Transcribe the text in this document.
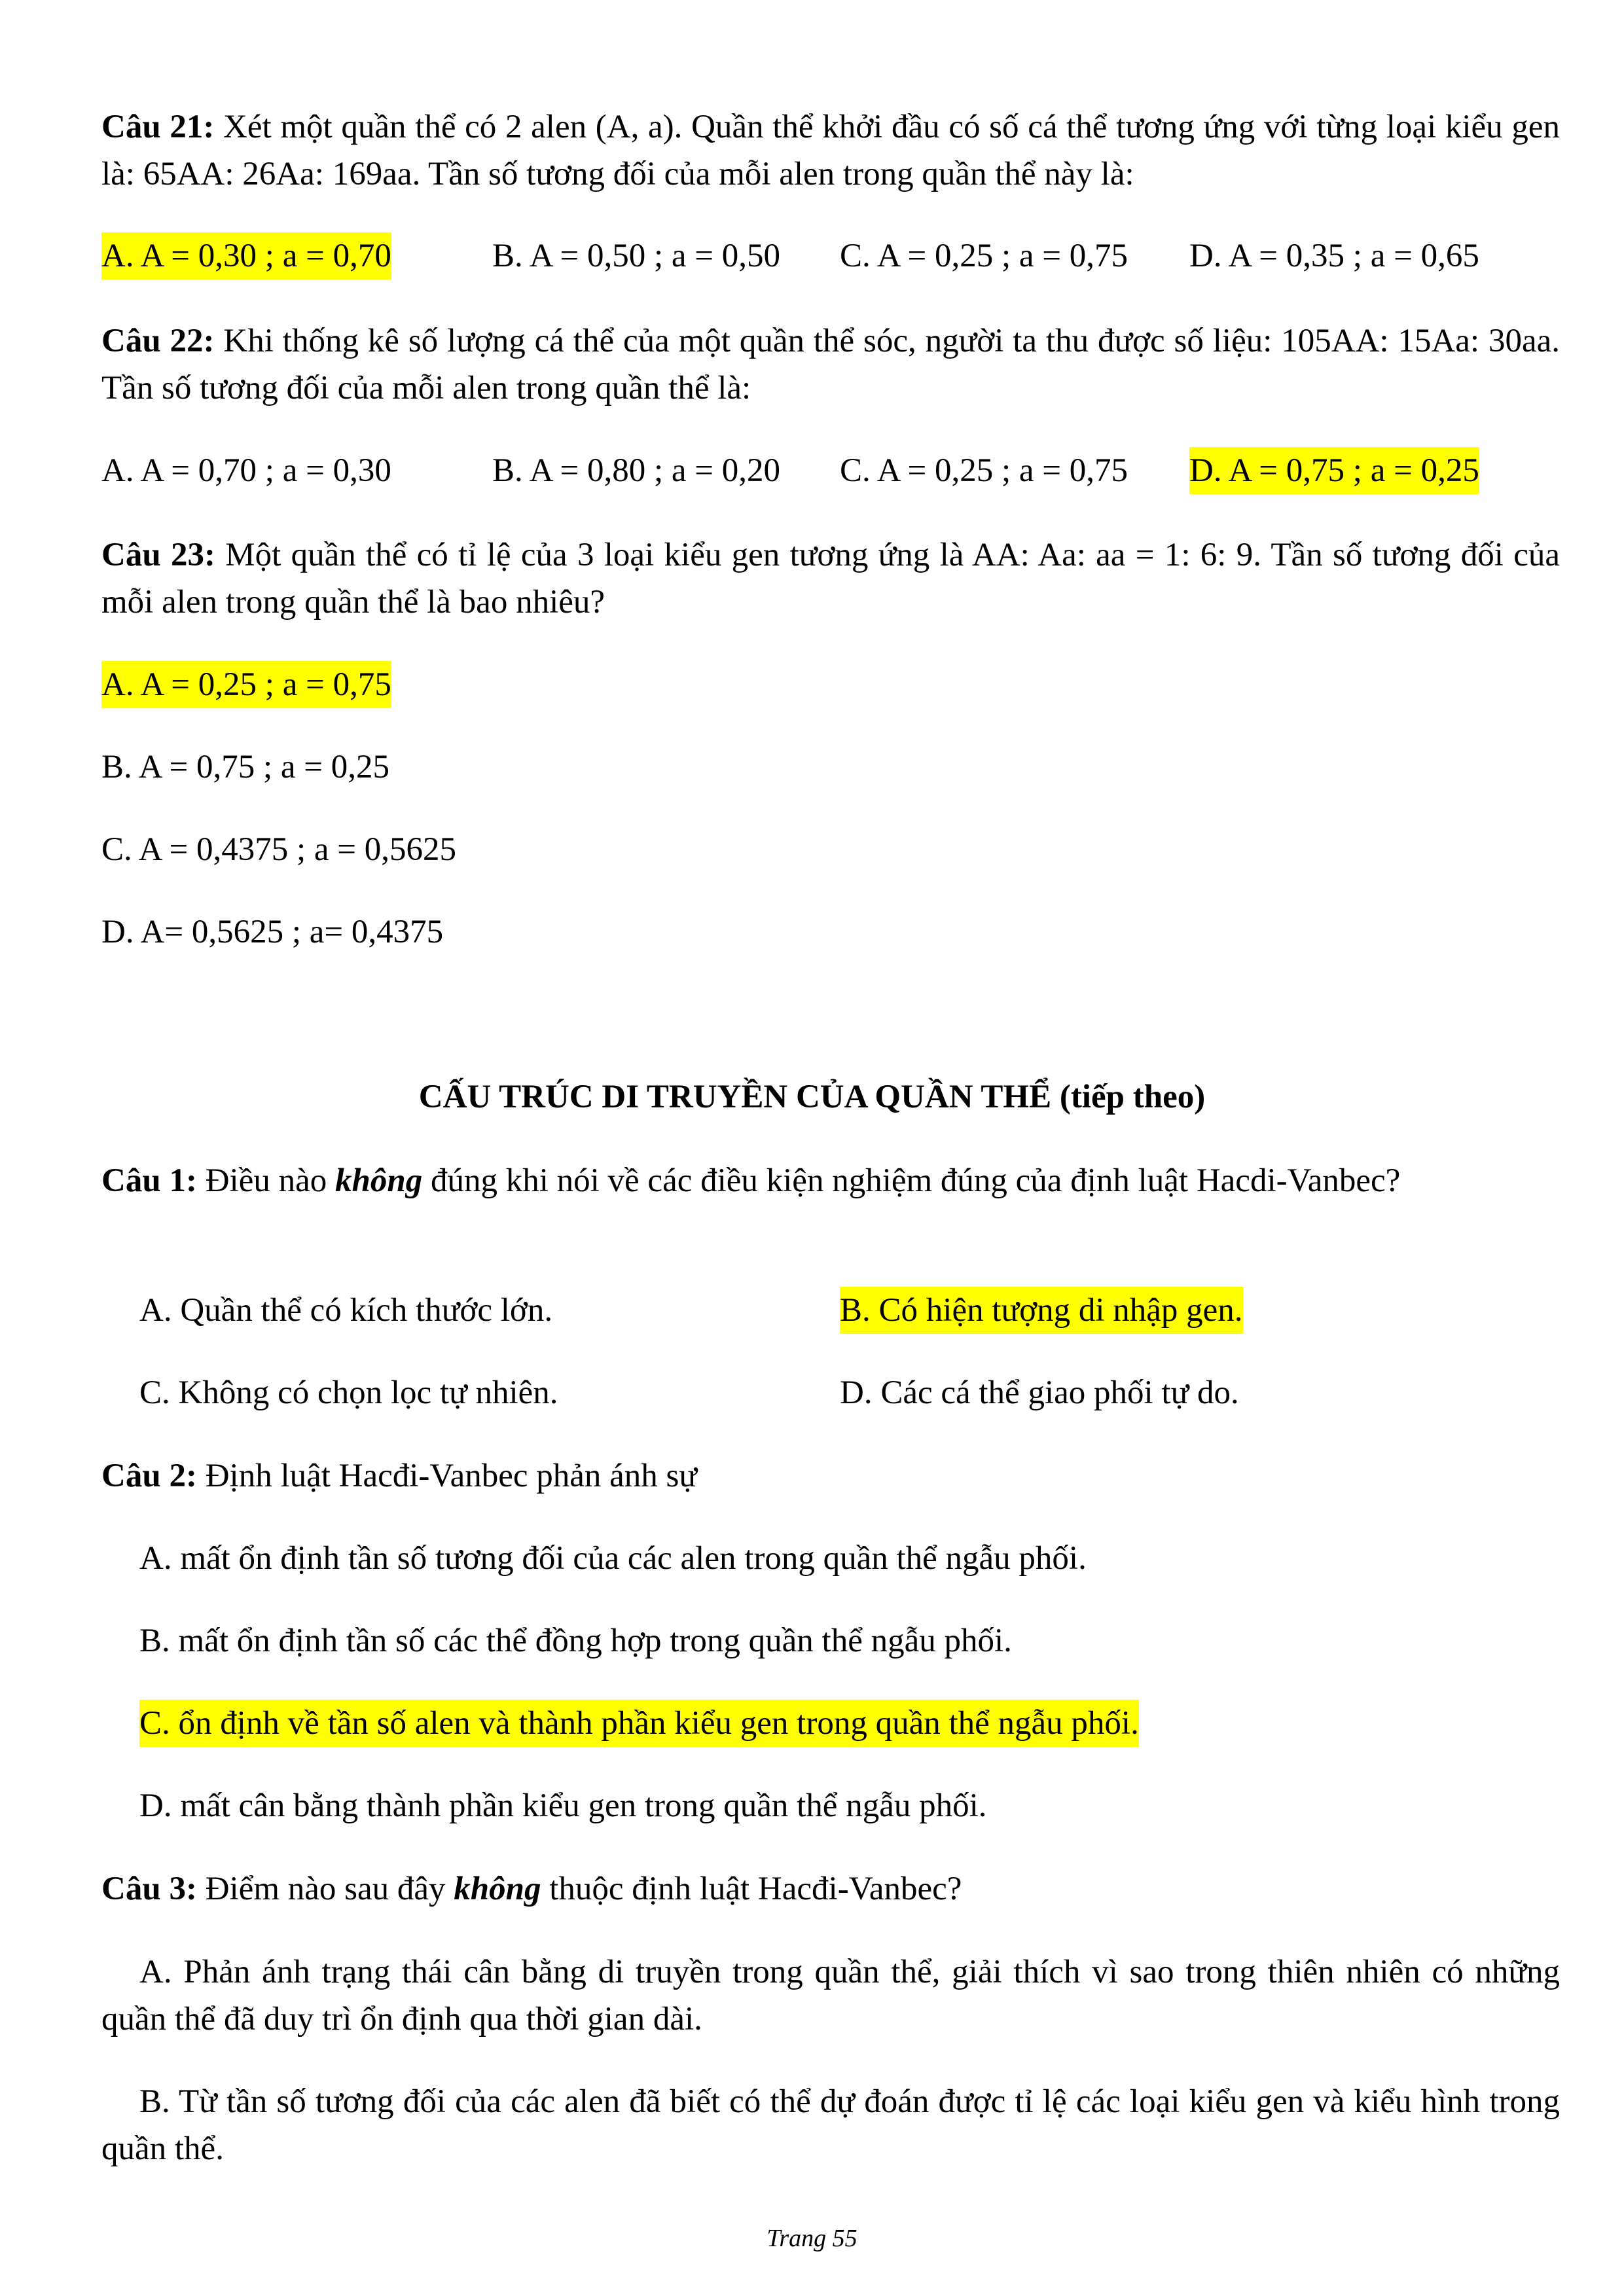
Câu 21: Xét một quần thể có 2 alen (A, a). Quần thể khởi đầu có số cá thể tương ứng với từng loại kiểu gen là: 65AA: 26Aa: 169aa. Tần số tương đối của mỗi alen trong quần thể này là:
A. A = 0,30 ; a = 0,70	B. A = 0,50 ; a = 0,50 C. A = 0,25 ; a = 0,75 D. A = 0,35 ; a = 0,65
Câu 22: Khi thống kê số lượng cá thể của một quần thể sóc, người ta thu được số liệu: 105AA: 15Aa: 30aa. Tần số tương đối của mỗi alen trong quần thể là:
A. A = 0,70 ; a = 0,30	B. A = 0,80 ; a = 0,20 C. A = 0,25 ; a = 0,75 D. A = 0,75 ; a = 0,25
Câu 23: Một quần thể có tỉ lệ của 3 loại kiểu gen tương ứng là AA: Aa: aa = 1: 6: 9. Tần số tương đối của mỗi alen trong quần thể là bao nhiêu?
A. A = 0,25 ; a = 0,75
B. A = 0,75 ; a = 0,25
C. A = 0,4375 ; a = 0,5625
D. A= 0,5625 ; a= 0,4375
CẤU TRÚC DI TRUYỀN CỦA QUẦN THỂ (tiếp theo)
Câu 1: Điều nào không đúng khi nói về các điều kiện nghiệm đúng của định luật Hacdi-Vanbec?
A. Quần thể có kích thước lớn.	B. Có hiện tượng di nhập gen.
C. Không có chọn lọc tự nhiên.	D. Các cá thể giao phối tự do.
Câu 2: Định luật Hacđi-Vanbec phản ánh sự
A. mất ổn định tần số tương đối của các alen trong quần thể ngẫu phối.
B. mất ổn định tần số các thể đồng hợp trong quần thể ngẫu phối.
C. ổn định về tần số alen và thành phần kiểu gen trong quần thể ngẫu phối.
D. mất cân bằng thành phần kiểu gen trong quần thể ngẫu phối.
Câu 3: Điểm nào sau đây không thuộc định luật Hacđi-Vanbec?
A. Phản ánh trạng thái cân bằng di truyền trong quần thể, giải thích vì sao trong thiên nhiên có những quần thể đã duy trì ổn định qua thời gian dài.
B. Từ tần số tương đối của các alen đã biết có thể dự đoán được tỉ lệ các loại kiểu gen và kiểu hình trong quần thể.
Trang 55
